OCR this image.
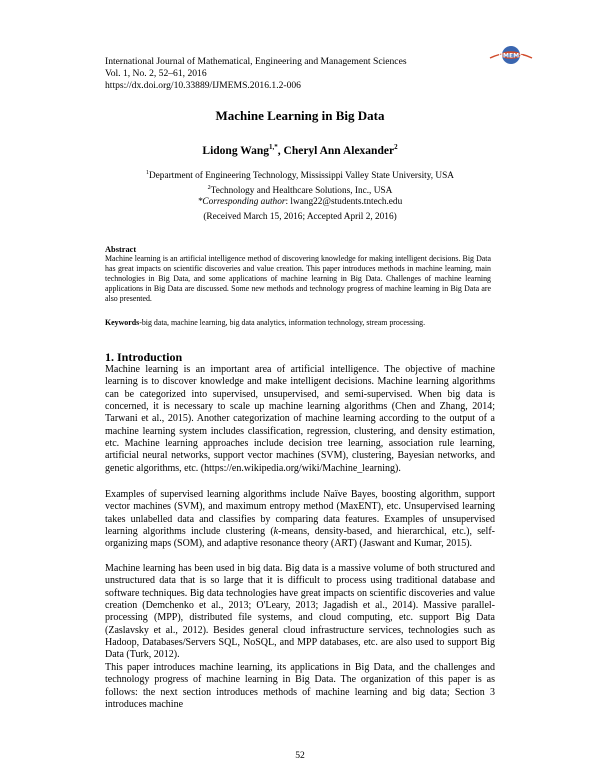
International Journal of Mathematical, Engineering and Management Sciences
Vol. 1, No. 2, 52–61, 2016
https://dx.doi.org/10.33889/IJMEMS.2016.1.2-006
IJMEMS
Machine Learning in Big Data
Lidong Wang$^{1,*}$, Cheryl Ann Alexander$^2$
$^1$Department of Engineering Technology, Mississippi Valley State University, USA
$^2$Technology and Healthcare Solutions, Inc., USA
*Corresponding author: lwang22@students.tntech.edu
(Received March 15, 2016; Accepted April 2, 2016)
Abstract
Machine learning is an artificial intelligence method of discovering knowledge for making intelligent decisions. Big Data has great impacts on scientific discoveries and value creation. This paper introduces methods in machine learning, main technologies in Big Data, and some applications of machine learning in Big Data. Challenges of machine learning applications in Big Data are discussed. Some new methods and technology progress of machine learning in Big Data are also presented.
Keywords-big data, machine learning, big data analytics, information technology, stream processing.
1. Introduction
Machine learning is an important area of artificial intelligence. The objective of machine learning is to discover knowledge and make intelligent decisions. Machine learning algorithms can be categorized into supervised, unsupervised, and semi-supervised. When big data is concerned, it is necessary to scale up machine learning algorithms (Chen and Zhang, 2014; Tarwani et al., 2015). Another categorization of machine learning according to the output of a machine learning system includes classification, regression, clustering, and density estimation, etc. Machine learning approaches include decision tree learning, association rule learning, artificial neural networks, support vector machines (SVM), clustering, Bayesian networks, and genetic algorithms, etc. (https://en.wikipedia.org/wiki/Machine_learning).
Examples of supervised learning algorithms include Naïve Bayes, boosting algorithm, support vector machines (SVM), and maximum entropy method (MaxENT), etc. Unsupervised learning takes unlabelled data and classifies by comparing data features. Examples of unsupervised learning algorithms include clustering (k-means, density-based, and hierarchical, etc.), self-organizing maps (SOM), and adaptive resonance theory (ART) (Jaswant and Kumar, 2015).
Machine learning has been used in big data. Big data is a massive volume of both structured and unstructured data that is so large that it is difficult to process using traditional database and software techniques. Big data technologies have great impacts on scientific discoveries and value creation (Demchenko et al., 2013; O'Leary, 2013; Jagadish et al., 2014). Massive parallel-processing (MPP), distributed file systems, and cloud computing, etc. support Big Data (Zaslavsky et al., 2012). Besides general cloud infrastructure services, technologies such as Hadoop, Databases/Servers SQL, NoSQL, and MPP databases, etc. are also used to support Big Data (Turk, 2012).
This paper introduces machine learning, its applications in Big Data, and the challenges and technology progress of machine learning in Big Data. The organization of this paper is as follows: the next section introduces methods of machine learning and big data; Section 3 introduces machine
52
